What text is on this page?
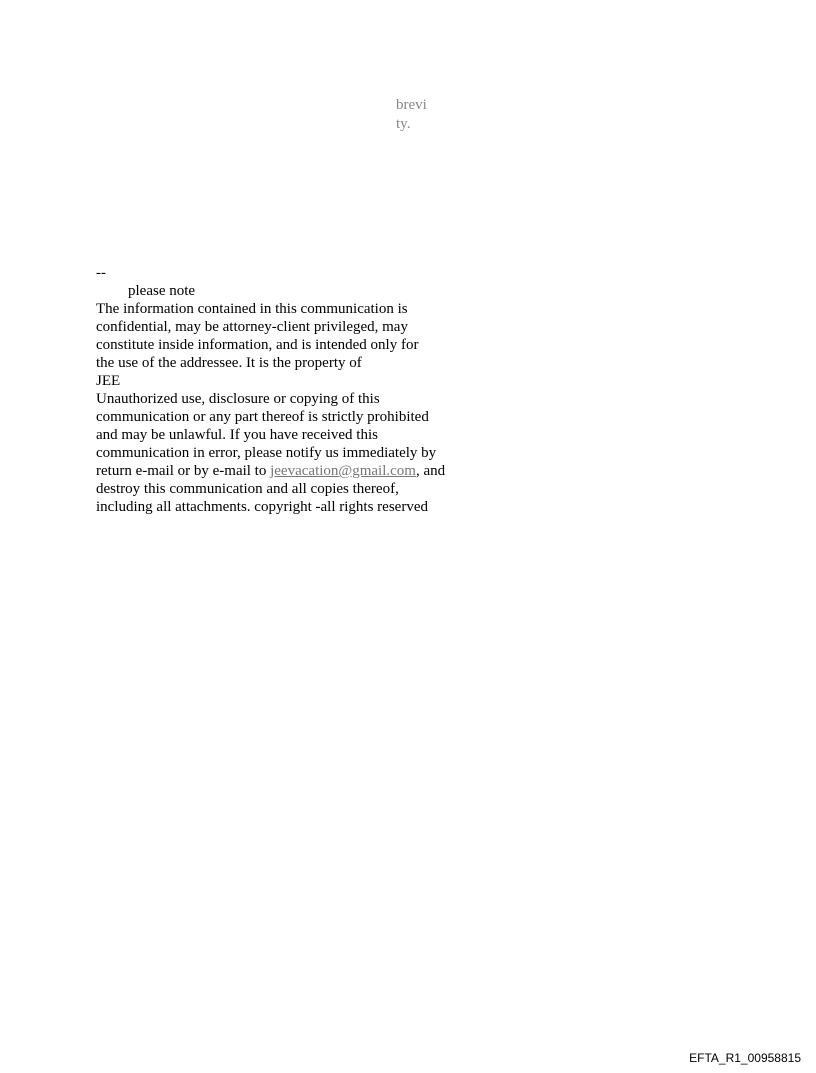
brevi
ty.
--
please note
The information contained in this communication is
confidential, may be attorney-client privileged, may
constitute inside information, and is intended only for
the use of the addressee. It is the property of
JEE
Unauthorized use, disclosure or copying of this
communication or any part thereof is strictly prohibited
and may be unlawful. If you have received this
communication in error, please notify us immediately by
return e-mail or by e-mail to jeevacation@gmail.com, and
destroy this communication and all copies thereof,
including all attachments. copyright -all rights reserved
EFTA_R1_00958815
